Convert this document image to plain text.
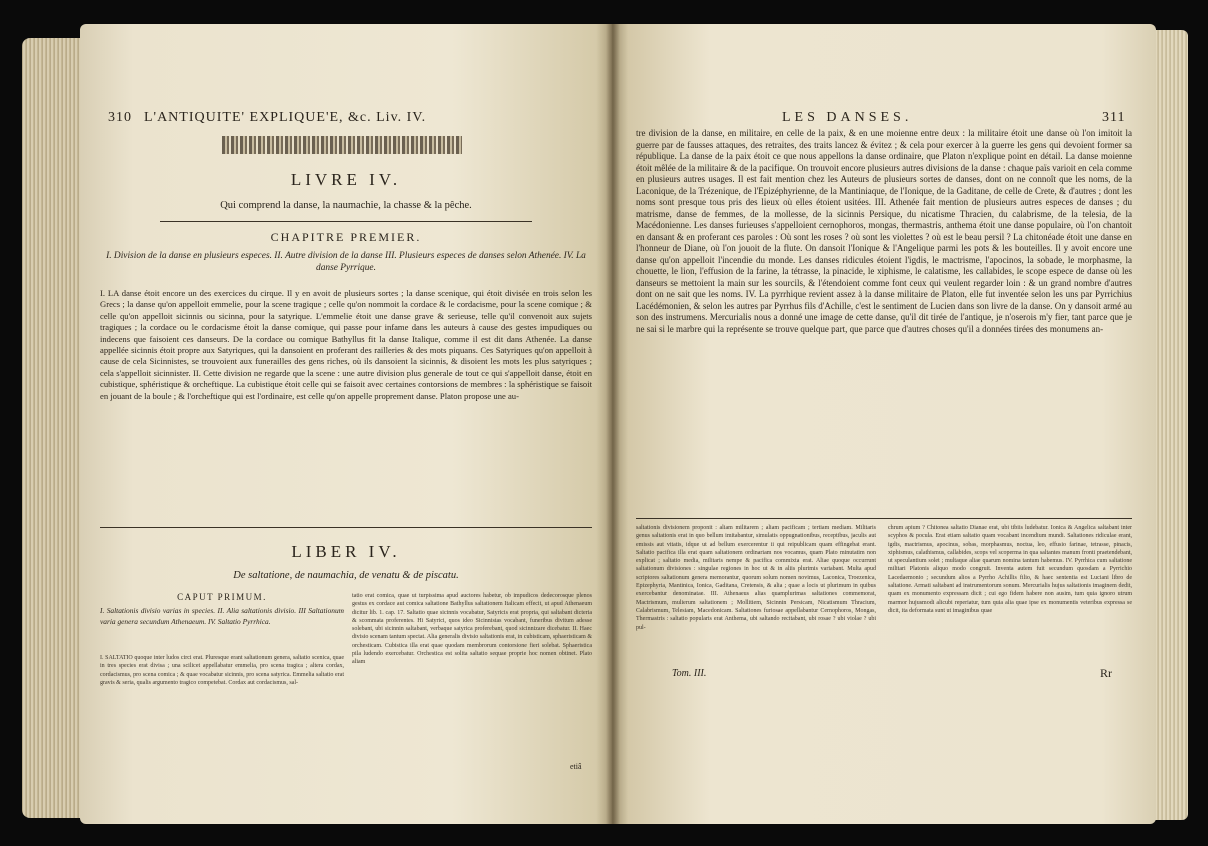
310 L'ANTIQUITE' EXPLIQUE'E, &c. Liv. IV.
LIVRE IV.
Qui comprend la danse, la naumachie, la chasse & la pêche.
CHAPITRE PREMIER.
I. Division de la danse en plusieurs especes. II. Autre division de la danse III. Plusieurs especes de danses selon Athenée. IV. La danse Pyrrique.
I. LA danse étoit encore un des exercices du cirque. Il y en avoit de plusieurs sortes ; la danse scenique, qui étoit divisée en trois selon les Grecs ; la danse qu'on appelloit emmelie, pour la scene tragique ; celle qu'on nommoit la cordace & le cordacisme, pour la scene comique ; & celle qu'on appelloit sicinnis ou sicinna, pour la satyrique. L'emmelie étoit une danse grave & serieuse, telle qu'il convenoit aux sujets tragiques ; la cordace ou le cordacisme étoit la danse comique, qui passe pour infame dans les auteurs à cause des gestes impudiques ou indecens que faisoient ces danseurs. De la cordace ou comique Bathyllus fit la danse Italique, comme il est dit dans Athenée. La danse appellée sicinnis étoit propre aux Satyriques, qui la dansoient en proferant des railleries & des mots piquans. Ces Satyriques qu'on appelloit à cause de cela Sicinnistes, se trouvoient aux funerailles des gens riches, où ils dansoient la sicinnis, & disoient les mots les plus satyriques ; cela s'appelloit sicinnister. II. Cette division ne regarde que la scene : une autre division plus generale de tout ce qui s'appelloit danse, étoit en cubistique, sphéristique & orcheftique. La cubistique étoit celle qui se faisoit avec certaines contorsions de membres : la sphéristique se faisoit en jouant de la boule ; & l'orcheftique qui est l'ordinaire, est celle qu'on appelle proprement danse. Platon propose une au-
LIBER IV.
De saltatione, de naumachia, de venatu & de piscatu.
CAPUT PRIMUM.
I. Saltationis divisio varias in species. II. Alia saltationis divisio. III Saltationum varia genera secundum Athenaeum. IV. Saltatio Pyrrhica.
I. SALTATIO quoque inter ludos circi erat. Pluresque erant saltationum genera, saltatio scenica, quae in tres species erat divisa ; una scilicet appellabatur emmelia, pro scena tragica ; altera cordax, cordacismus, pro scena comica ; & quae vocabatur sicinnis, pro scena satyrica. Emmelia saltatio erat gravis & seria, qualis argumento tragico competebat. Cordax aut cordacismus, sal-
tatio erat comica, quae ut turpissima apud auctores habetur, ob impudicos dedecorosque plenos gestus ex cordace aut comica saltatione Bathyllus saltationem Italicam effecit, ut apud Athenaeum dicitur lib. 1. cap. 17. Saltatio quae sicinnis vocabatur, Satyricis erat propria, qui saltabant dicteria & scommata proferentes. Hi Satyrici, quos ideo Sicinnistas vocabant, funeribus divitum adesse solebant, ubi sicinnin saltabant, verbaque satyrica proferebant, quod sicinnizare dicebatur. II. Haec divisio scenam tantum spectat. Alia generalis divisio saltationis erat, in cubisticam, sphaeristicam & orchesticam. Cubistica illa erat quae quodam membrorum contorsione fieri solebat. Sphaeristica pila ludendo exercebatur. Orchestica est solita saltatio sequae proprie hoc nomen obtinet. Plato aliam
etiâ
LES DANSES.	311
tre division de la danse, en militaire, en celle de la paix, & en une moienne entre deux : la militaire étoit une danse où l'on imitoit la guerre par de fausses attaques, des retraites, des traits lancez & évitez ; & cela pour exercer à la guerre les gens qui devoient former sa république. La danse de la paix étoit ce que nous appellons la danse ordinaire, que Platon n'explique point en détail. La danse moienne étoit mêlée de la militaire & de la pacifique. On trouvoit encore plusieurs autres divisions de la danse : chaque païs varioit en cela comme en plusieurs autres usages. Il est fait mention chez les Auteurs de plusieurs sortes de danses, dont on ne connoît que les noms, de la Laconique, de la Trézenique, de l'Epizéphyrienne, de la Mantiniaque, de l'Ionique, de la Gaditane, de celle de Crete, & d'autres ; dont les noms sont presque tous pris des lieux où elles étoient usitées. III. Athenée fait mention de plusieurs autres especes de danses ; du matrisme, danse de femmes, de la mollesse, de la sicinnis Persique, du nicatisme Thracien, du calabrisme, de la telesia, de la Macédonienne. Les danses furieuses s'appelloient cernophoros, mongas, thermastris, anthema étoit une danse populaire, où l'on chantoit en dansant & en proferant ces paroles : Où sont les roses ? où sont les violettes ? où est le beau persil ? La chitonéade étoit une danse en l'honneur de Diane, où l'on jouoit de la flute. On dansoit l'Ionique & l'Angelique parmi les pots & les bouteilles. Il y avoit encore une danse qu'on appelloit l'incendie du monde. Les danses ridicules étoient l'igdis, le mactrisme, l'apocinos, la sobade, le morphasme, la chouette, le lion, l'effusion de la farine, la tétrasse, la pinacide, le xiphisme, le calatisme, les callabides, le scope espece de danse où les danseurs se mettoient la main sur les sourcils, & l'étendoient comme font ceux qui veulent regarder loin : & un grand nombre d'autres dont on ne sait que les noms. IV. La pyrrhique revient assez à la danse militaire de Platon, elle fut inventée selon les uns par Pyrrichius Lacédémonien, & selon les autres par Pyrrhus fils d'Achille, c'est le sentiment de Lucien dans son livre de la danse. On y dansoit armé au son des instrumens. Mercurialis nous a donné une image de cette danse, qu'il dit tirée de l'antique, je n'oserois m'y fier, tant parce que je ne sai si le marbre qui la représente se trouve quelque part, que parce que d'autres choses qu'il a données tirées des monumens an-
saltationis divisionem proponit : aliam militarem ; aliam pacificam ; tertiam mediam. Militaris genus saltationis erat in quo bellum imitabantur, simulatis oppugnationibus, receptibus, jaculis aut emissis aut vitatis, idque ut ad bellum exercerentur ii qui reipublicam quam effingebat erant. Saltatio pacifica illa erat quam saltationem ordinariam nos vocamus, quam Plato minutatim non explicat ; saltatio media, militaris nempe & pacifica commixta erat. Aliae quoque occurrunt saltationum divisiones : singulae regiones in hoc ut & in aliis plurimis variabant. Multa apud scriptores saltationum genera memorantur, quorum solum nomen novimus, Laconica, Troezenica, Epizephyria, Mantinica, Ionica, Gaditana, Cretensis, & alia ; quae a locis ut plurimum in quibus exercebantur denominatae. III. Athenaeus alias quamplurimas saltationes commemorat, Mactrismum, mulierum saltationem ; Mollitiem, Sicinnin Persicam, Nicatismum Thracium, Calabrismum, Telesiam, Macedonicam. Saltationes furiosae appellabantur Cernophoros, Mongas, Thermastris : saltatio popularis erat Anthema, ubi saltando recitabant, ubi rosae ? ubi violae ? ubi pul-
chrum apium ? Chitonea saltatio Dianae erat, ubi tibiis ludebatur. Ionica & Angelica saltabant inter scyphos & pocula. Erat etiam saltatio quam vocabant incendium mundi. Saltationes ridiculae erant, igdis, mactrismus, apocinus, sobas, morphasmus, noctua, leo, effusio farinae, tetrasse, pinacis, xiphismus, calathismus, callabides, scops vel scoperma in qua saltantes manum fronti praetendebant, ut speculantium solet ; multaque aliae quarum nomina tantum habemus. IV. Pyrrhica cum saltatione militari Platonis aliquo modo congruit. Inventa autem fuit secundum quosdam a Pyrrichio Lacedaemonio ; secundum alios a Pyrrho Achillis filio, & haec sententia est Luciani libro de saltatione. Armati saltabant ad instrumentorum sonum. Mercurialis hujus saltationis imaginem dedit, quam ex monumento expressam dicit ; cui ego fidem habere non ausim, tum quia ignoro utrum marmor hujusmodi alicubi reperiatur, tum quia alia quae ipse ex monumentis veteribus expressa se dicit, ita deformata sunt ut imaginibus quae
Tom. III.	Rr
